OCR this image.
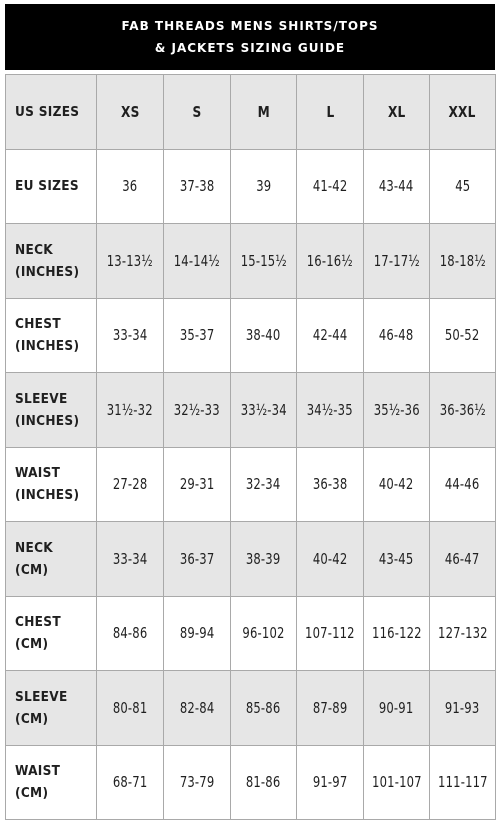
FAB THREADS MENS SHIRTS/TOPS
& JACKETS SIZING GUIDE
US SIZES	XS	S	M	L	XL	XXL

EU SIZES	36	37-38	39	41-42	43-44	45

NECK
(INCHES)	13-13½	14-14½	15-15½	16-16½	17-17½	18-18½

CHEST
(INCHES)	33-34	35-37	38-40	42-44	46-48	50-52

SLEEVE
(INCHES)	31½-32	32½-33	33½-34	34½-35	35½-36	36-36½

WAIST
(INCHES)	27-28	29-31	32-34	36-38	40-42	44-46

NECK
(CM)	33-34	36-37	38-39	40-42	43-45	46-47

CHEST
(CM)	84-86	89-94	96-102	107-112	116-122	127-132

SLEEVE
(CM)	80-81	82-84	85-86	87-89	90-91	91-93

WAIST
(CM)	68-71	73-79	81-86	91-97	101-107	111-117
